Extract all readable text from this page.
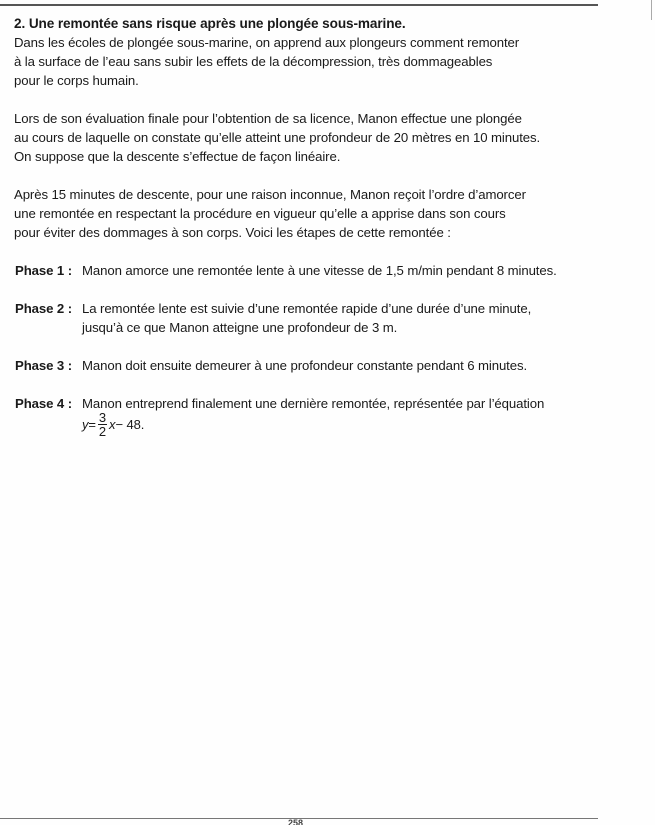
2. Une remontée sans risque après une plongée sous-marine.

Dans les écoles de plongée sous-marine, on apprend aux plongeurs comment remonter

à la surface de l’eau sans subir les effets de la décompression, très dommageables

pour le corps humain.

Lors de son évaluation finale pour l’obtention de sa licence, Manon effectue une plongée

au cours de laquelle on constate qu’elle atteint une profondeur de 20 mètres en 10 minutes.

On suppose que la descente s’effectue de façon linéaire.

Après 15 minutes de descente, pour une raison inconnue, Manon reçoit l’ordre d’amorcer

une remontée en respectant la procédure en vigueur qu’elle a apprise dans son cours

pour éviter des dommages à son corps. Voici les étapes de cette remontée :

Phase 1 : Manon amorce une remontée lente à une vitesse de 1,5 m/min pendant 8 minutes.

Phase 2 : La remontée lente est suivie d’une remontée rapide d’une durée d’une minute,

jusqu’à ce que Manon atteigne une profondeur de 3 m.

Phase 3 : Manon doit ensuite demeurer à une profondeur constante pendant 6 minutes.

Phase 4 : Manon entreprend finalement une dernière remontée, représentée par l’équation

$y = \frac{3}{2}$ x − 48.
258
